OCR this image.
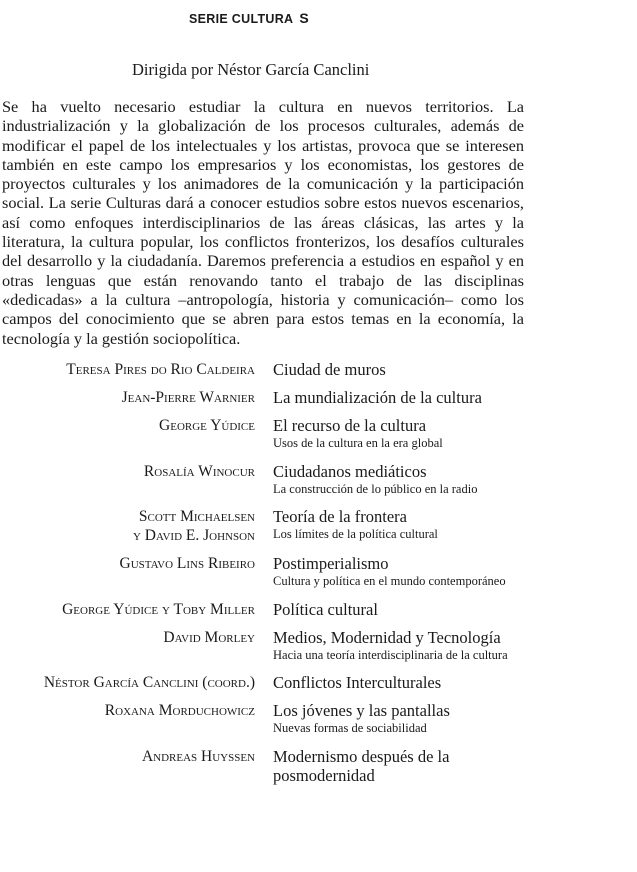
SERIE CULTURA S
Dirigida por Néstor García Canclini

Se ha vuelto necesario estudiar la cultura en nuevos territorios. La industrialización y la globalización de los procesos culturales, además de modificar el papel de los intelectuales y los artistas, provoca que se interesen también en este campo los empresarios y los economistas, los gestores de proyectos culturales y los animadores de la comunicación y la participación social. La serie Culturas dará a conocer estudios sobre estos nuevos escenarios, así como enfoques interdisciplinarios de las áreas clásicas, las artes y la literatura, la cultura popular, los conflictos fronterizos, los desafíos culturales del desarrollo y la ciudadanía. Daremos preferencia a estudios en español y en otras lenguas que están renovando tanto el trabajo de las disciplinas «dedicadas» a la cultura –antropología, historia y comunicación– como los campos del conocimiento que se abren para estos temas en la economía, la tecnología y la gestión sociopolítica.

Teresa Pires do Rio Caldeira Ciudad de muros
Jean-Pierre Warnier La mundialización de la cultura
George Yúdice El recurso de la cultura
Usos de la cultura en la era global
Rosalía Winocur Ciudadanos mediáticos
La construcción de lo público en la radio
Scott Michaelsen
y David E. Johnson
Teoría de la frontera
Los límites de la política cultural
Gustavo Lins Ribeiro Postimperialismo
Cultura y política en el mundo contemporáneo
George Yúdice y Toby Miller Política cultural
David Morley Medios, Modernidad y Tecnología
Hacia una teoría interdisciplinaria de la cultura
Néstor García Canclini (coord.) Conflictos Interculturales
Roxana Morduchowicz Los jóvenes y las pantallas
Nuevas formas de sociabilidad
Andreas Huyssen Modernismo después de la posmodernidad
